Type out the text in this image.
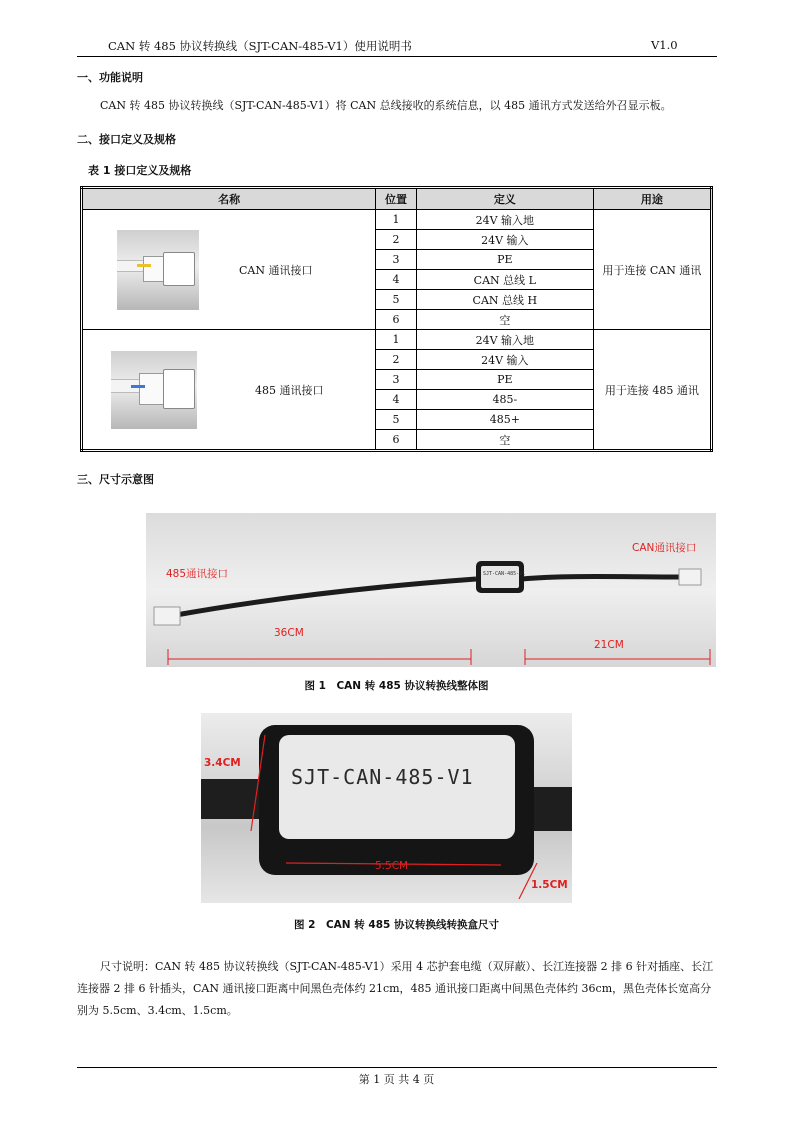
CAN 转 485 协议转换线（SJT-CAN-485-V1）使用说明书	V1.0
一、功能说明
CAN 转 485 协议转换线（SJT-CAN-485-V1）将 CAN 总线接收的系统信息，以 485 通讯方式发送给外召显示板。
二、接口定义及规格
表 1 接口定义及规格
名称	位置	定义	用途

CAN 通讯接口	1	24V 输入地	用于连接 CAN 通讯
	2	24V 输入	
	3	PE	
	4	CAN 总线 L	
	5	CAN 总线 H	
	6	空	

485 通讯接口	1	24V 输入地	用于连接 485 通讯
	2	24V 输入	
	3	PE	
	4	485-	
	5	485+	
	6	空	
三、尺寸示意图
SJT-CAN-485-V1
485通讯接口
CAN通讯接口
36CM
21CM
图 1　CAN 转 485 协议转换线整体图
SJT-CAN-485-V1
3.4CM
5.5CM
1.5CM
图 2　CAN 转 485 协议转换线转换盒尺寸
尺寸说明：CAN 转 485 协议转换线（SJT-CAN-485-V1）采用 4 芯护套电缆（双屏蔽）、长江连接器 2 排 6 针对插座、长江连接器 2 排 6 针插头，CAN 通讯接口距离中间黑色壳体约 21cm，485 通讯接口距离中间黑色壳体约 36cm，黑色壳体长宽高分别为 5.5cm、3.4cm、1.5cm。
第 1 页 共 4 页
